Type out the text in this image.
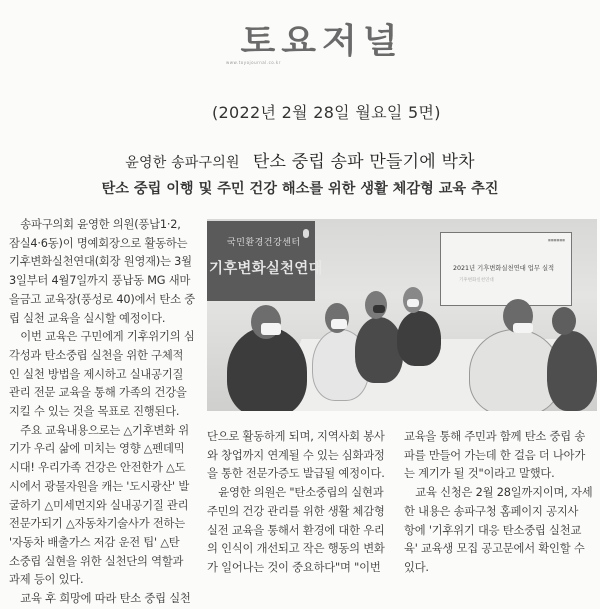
토요저널
www.toyojournal.co.kr
(2022년 2월 28일 월요일 5면)
윤영한 송파구의원 탄소 중립 송파 만들기에 박차
탄소 중립 이행 및 주민 건강 해소를 위한 생활 체감형 교육 추진
송파구의회 윤영한 의원(풍납1·2,
잠실4·6동)이 명예회장으로 활동하는
기후변화실천연대(회장 원영재)는 3월
3일부터 4월7일까지 풍납동 MG 새마
을금고 교육장(풍성로 40)에서 탄소 중
립 실천 교육을 실시할 예정이다.
이번 교육은 구민에게 기후위기의 심
각성과 탄소중립 실천을 위한 구체적
인 실천 방법을 제시하고 실내공기질
관리 전문 교육을 통해 가족의 건강을
지킬 수 있는 것을 목표로 진행된다.
주요 교육내용으로는 △기후변화 위
기가 우리 삶에 미치는 영향 △펜데믹
시대! 우리가족 건강은 안전한가 △도
시에서 광물자원을 캐는 '도시광산' 발
굴하기 △미세먼지와 실내공기질 관리
전문가되기 △자동차기술사가 전하는
'자동차 배출가스 저감 운전 팁' △탄
소중립 실현을 위한 실천단의 역할과
과제 등이 있다.
교육 후 희망에 따라 탄소 중립 실천
국민환경건강센터
기후변화실천연대
■■■■■■
2021년 기후변화실천연대 업무 실적
기후변화실천연대
단으로 활동하게 되며, 지역사회 봉사
와 창업까지 연계될 수 있는 심화과정
을 통한 전문가증도 발급될 예정이다.
윤영한 의원은 "탄소중립의 실현과
주민의 건강 관리를 위한 생활 체감형
실전 교육을 통해서 환경에 대한 우리
의 인식이 개선되고 작은 행동의 변화
가 일어나는 것이 중요하다"며 "이번
교육을 통해 주민과 함께 탄소 중립 송
파를 만들어 가는데 한 걸음 더 나아가
는 계기가 될 것"이라고 말했다.
교육 신청은 2월 28일까지이며, 자세
한 내용은 송파구청 홈페이지 공지사
항에 '기후위기 대응 탄소중립 실천교
육' 교육생 모집 공고문에서 확인할 수
있다.
